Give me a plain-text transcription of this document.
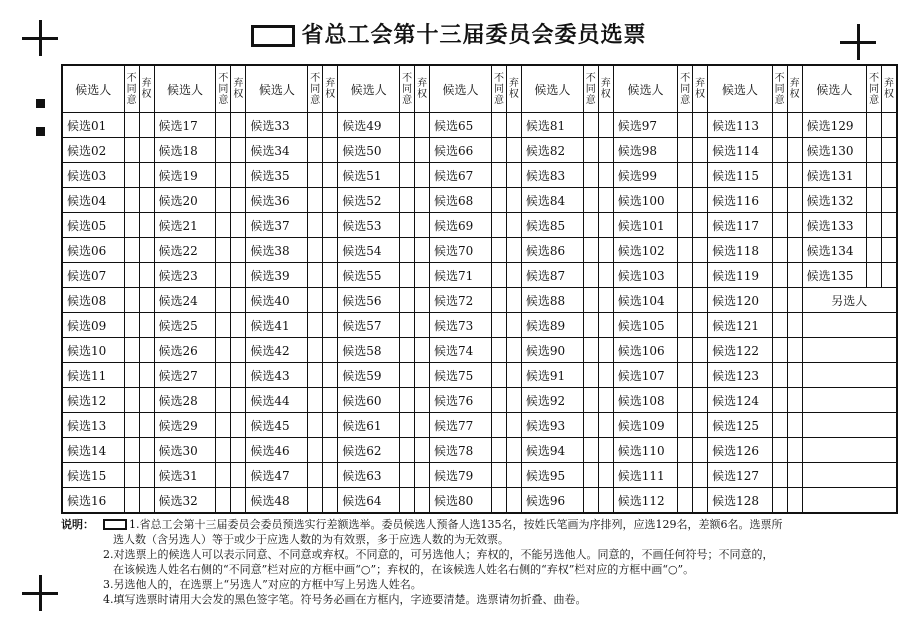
省总工会第十三届委员会委员选票
候选人	不同意	弃权	候选人	不同意	弃权	候选人	不同意	弃权	候选人	不同意	弃权	候选人	不同意	弃权	候选人	不同意	弃权	候选人	不同意	弃权	候选人	不同意	弃权	候选人	不同意	弃权
候选01			候选17			候选33			候选49			候选65			候选81			候选97			候选113			候选129		
候选02			候选18			候选34			候选50			候选66			候选82			候选98			候选114			候选130		
候选03			候选19			候选35			候选51			候选67			候选83			候选99			候选115			候选131		
候选04			候选20			候选36			候选52			候选68			候选84			候选100			候选116			候选132		
候选05			候选21			候选37			候选53			候选69			候选85			候选101			候选117			候选133		
候选06			候选22			候选38			候选54			候选70			候选86			候选102			候选118			候选134		
候选07			候选23			候选39			候选55			候选71			候选87			候选103			候选119			候选135		
候选08			候选24			候选40			候选56			候选72			候选88			候选104			候选120			另选人		
候选09			候选25			候选41			候选57			候选73			候选89			候选105			候选121					
候选10			候选26			候选42			候选58			候选74			候选90			候选106			候选122					
候选11			候选27			候选43			候选59			候选75			候选91			候选107			候选123					
候选12			候选28			候选44			候选60			候选76			候选92			候选108			候选124					
候选13			候选29			候选45			候选61			候选77			候选93			候选109			候选125					
候选14			候选30			候选46			候选62			候选78			候选94			候选110			候选126					
候选15			候选31			候选47			候选63			候选79			候选95			候选111			候选127					
候选16			候选32			候选48			候选64			候选80			候选96			候选112			候选128					
说明：	1.省总工会第十三届委员会委员预选实行差额选举。委员候选人预备人选135名，按姓氏笔画为序排列，应选129名，差额6名。选票所
选人数（含另选人）等于或少于应选人数的为有效票，多于应选人数的为无效票。
2.对选票上的候选人可以表示同意、不同意或弃权。不同意的，可另选他人；弃权的，不能另选他人。同意的，不画任何符号；不同意的，
在该候选人姓名右侧的“不同意”栏对应的方框中画“○”；弃权的，在该候选人姓名右侧的“弃权”栏对应的方框中画“○”。
3.另选他人的，在选票上“另选人”对应的方框中写上另选人姓名。
4.填写选票时请用大会发的黑色签字笔。符号务必画在方框内，字迹要清楚。选票请勿折叠、曲卷。
